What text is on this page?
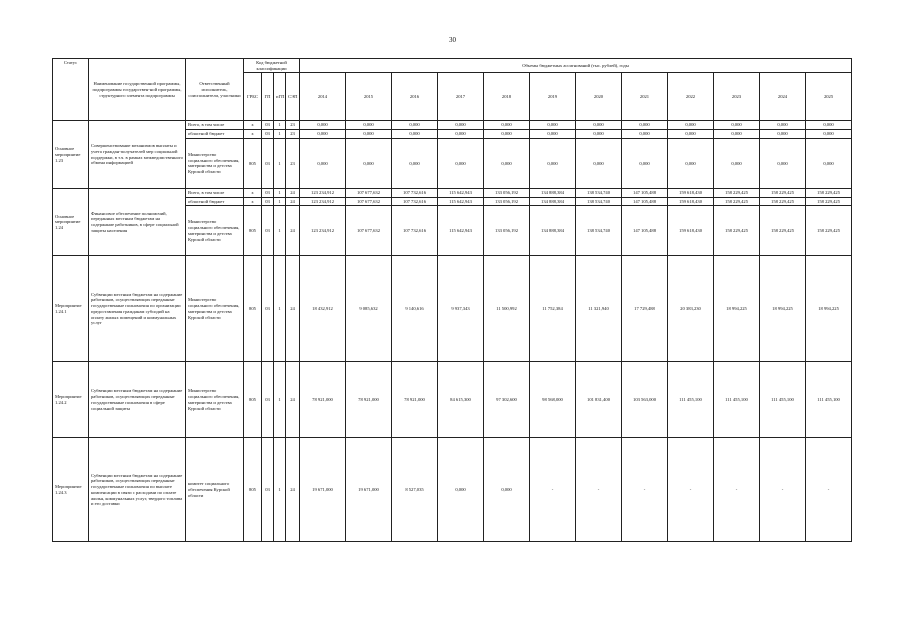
30
Статус	Наименование государственной программы, подпрограммы государствен-ной программы, структурного элемента подпрограммы	Ответственный исполнитель, соисполнители, участники	Код бюджетной классификации				Объемы бюджетных ассигнований (тыс. рублей), годы											
			ГРБС	ГП	пГП	СЭП	2014	2015	2016	2017	2018	2019	2020	2021	2022	2023	2024	2025
Основное мероприятие 1.23	Совершенствование механизмов выплаты и учета граждан-получателей мер социальной поддержки, в т.ч. в рамках межведомственного обмена информацией	Всего, в том числе	х	03	1	23	0,000	0,000	0,000	0,000	0,000	0,000	0,000	0,000	0,000	0,000	0,000	0,000
		областной бюджет	х	03	1	23	0,000	0,000	0,000	0,000	0,000	0,000	0,000	0,000	0,000	0,000	0,000	0,000
		Министерство социального обеспечения, материнства и детства Курской области	805	03	1	23	0,000	0,000	0,000	0,000	0,000	0,000	0,000	0,000	0,000	0,000	0,000	0,000
Основное мероприятие 1.24	Финансовое обеспечение полномочий, переданных местным бюджетам на содержание работников, в сфере социальной защиты населения	Всего, в том числе	х	03	1	24	123 234,912	107 677,632	107 732,616	115 642,943	133 056,192	134 888,384	138 534,740	147 105,488	159 618,430	158 229,425	158 229,425	158 229,425
		областной бюджет	х	03	1	24	123 234,912	107 677,632	107 732,616	115 642,943	133 056,192	134 888,384	138 534,740	147 105,488	159 618,430	158 229,425	158 229,425	158 229,425
		Министерство социального обеспечения, материнства и детства Курской области	805	03	1	24	123 234,912	107 677,632	107 732,616	115 642,943	133 056,192	134 888,384	138 534,740	147 105,488	159 618,430	158 229,425	158 229,425	158 229,425
Мероприятие 1.24.1	Субвенции местным бюджетам на содержание работников, осуществляющих переданные государственные полномочия по организации предоставления гражданам субсидий на оплату жилых помещений и коммунальных услуг	Министерство социального обеспечения, материнства и детства Курской области	805	03	1	24	18 432,912	9 085,632	9 140,616	9 937,343	11 500,992	11 752,384	11 321,940	17 729,488	20 383,230	18 994,225	18 994,225	18 994,225
Мероприятие 1.24.2	Субвенции местным бюджетам на содержание работников, осуществляющих переданные государственные полномочия в сфере социальной защиты	Министерство социального обеспечения, материнства и детства Курской области	805	03	1	24	78 921,000	78 921,000	78 921,000	84 615,300	97 302,600	98 568,000	101 831,400	103 563,000	111 455,100	111 455,100	111 455,100	111 455,100
Мероприятие 1.24.3	Субвенции местным бюджетам на содержание работников, осуществляющих переданные государственные полномочия по выплате компенсации в связи с расходами по оплате жилья, коммунальных услуг, твердого топлива и его доставки	комитет социального обеспечения Курской области	805	03	1	24	19 671,000	19 671,000	8 527,035	0,000	0,000	-	-	-	-	-	-	-
